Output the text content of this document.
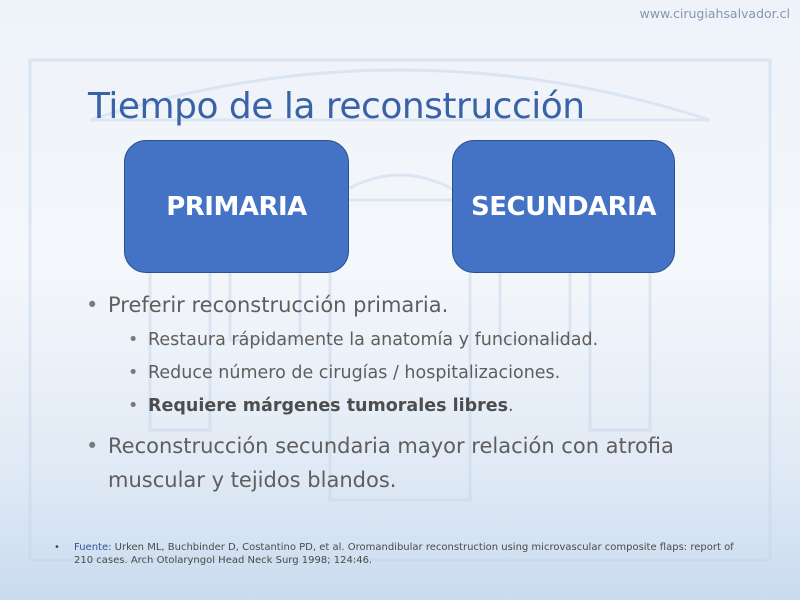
www.cirugiahsalvador.cl
Tiempo de la reconstrucción
PRIMARIA	SECUNDARIA
• Preferir reconstrucción primaria.
• Restaura rápidamente la anatomía y funcionalidad.
• Reduce número de cirugías / hospitalizaciones.
• Requiere márgenes tumorales libres.
• Reconstrucción secundaria mayor relación con atrofia muscular y tejidos blandos.
•	Fuente: Urken ML, Buchbinder D, Costantino PD, et al. Oromandibular reconstruction using microvascular composite flaps: report of 210 cases. Arch Otolaryngol Head Neck Surg 1998; 124:46.
